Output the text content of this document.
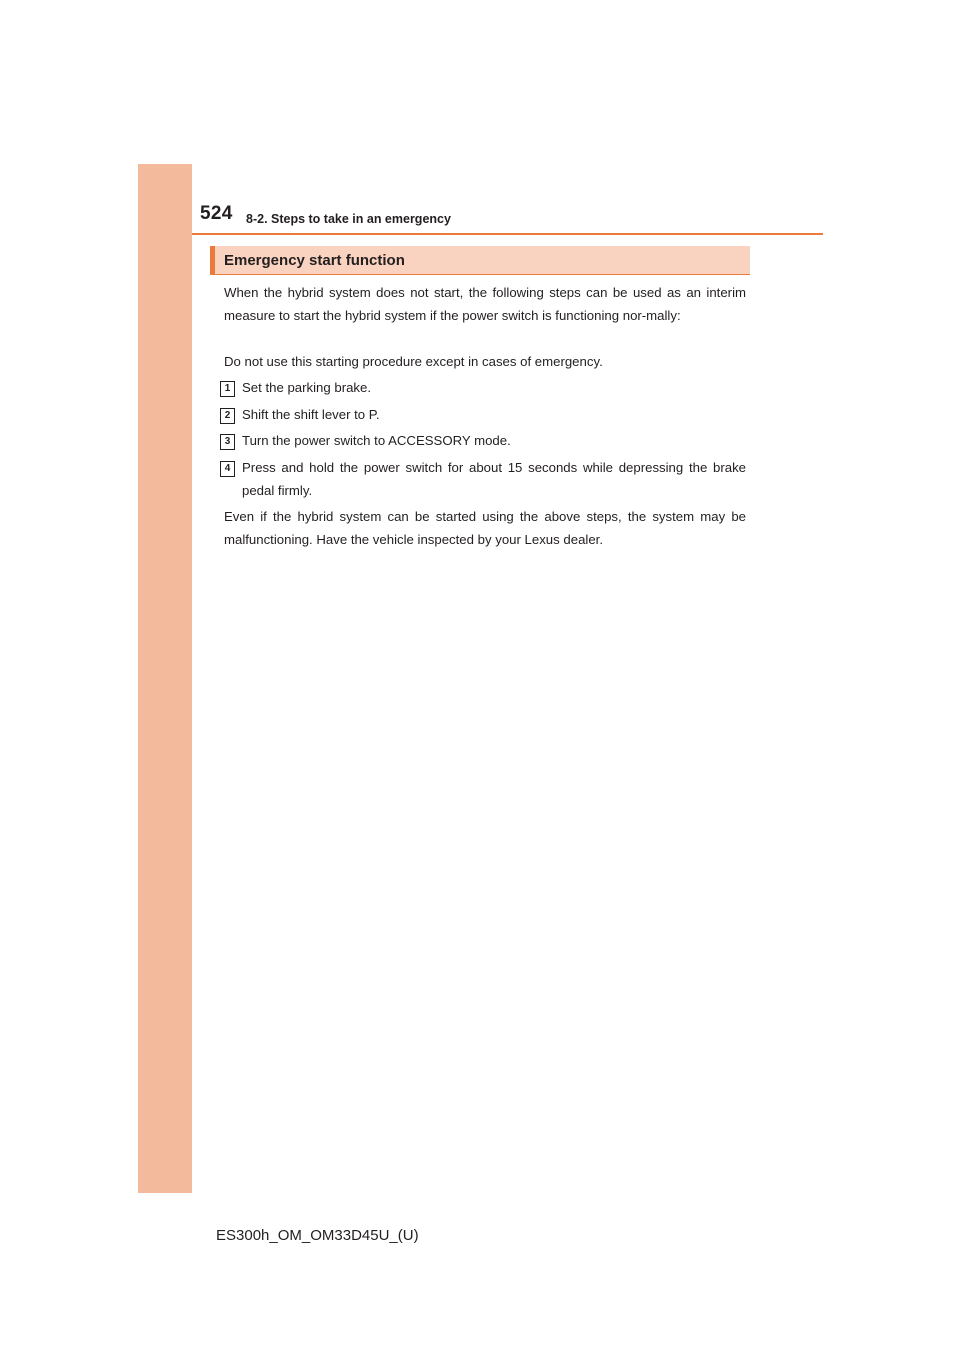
524 8-2. Steps to take in an emergency
Emergency start function
When the hybrid system does not start, the following steps can be used as an interim measure to start the hybrid system if the power switch is functioning nor-mally:
Do not use this starting procedure except in cases of emergency.
1 Set the parking brake.
2 Shift the shift lever to P.
3 Turn the power switch to ACCESSORY mode.
4 Press and hold the power switch for about 15 seconds while depressing the brake pedal firmly.
Even if the hybrid system can be started using the above steps, the system may be malfunctioning. Have the vehicle inspected by your Lexus dealer.
ES300h_OM_OM33D45U_(U)
